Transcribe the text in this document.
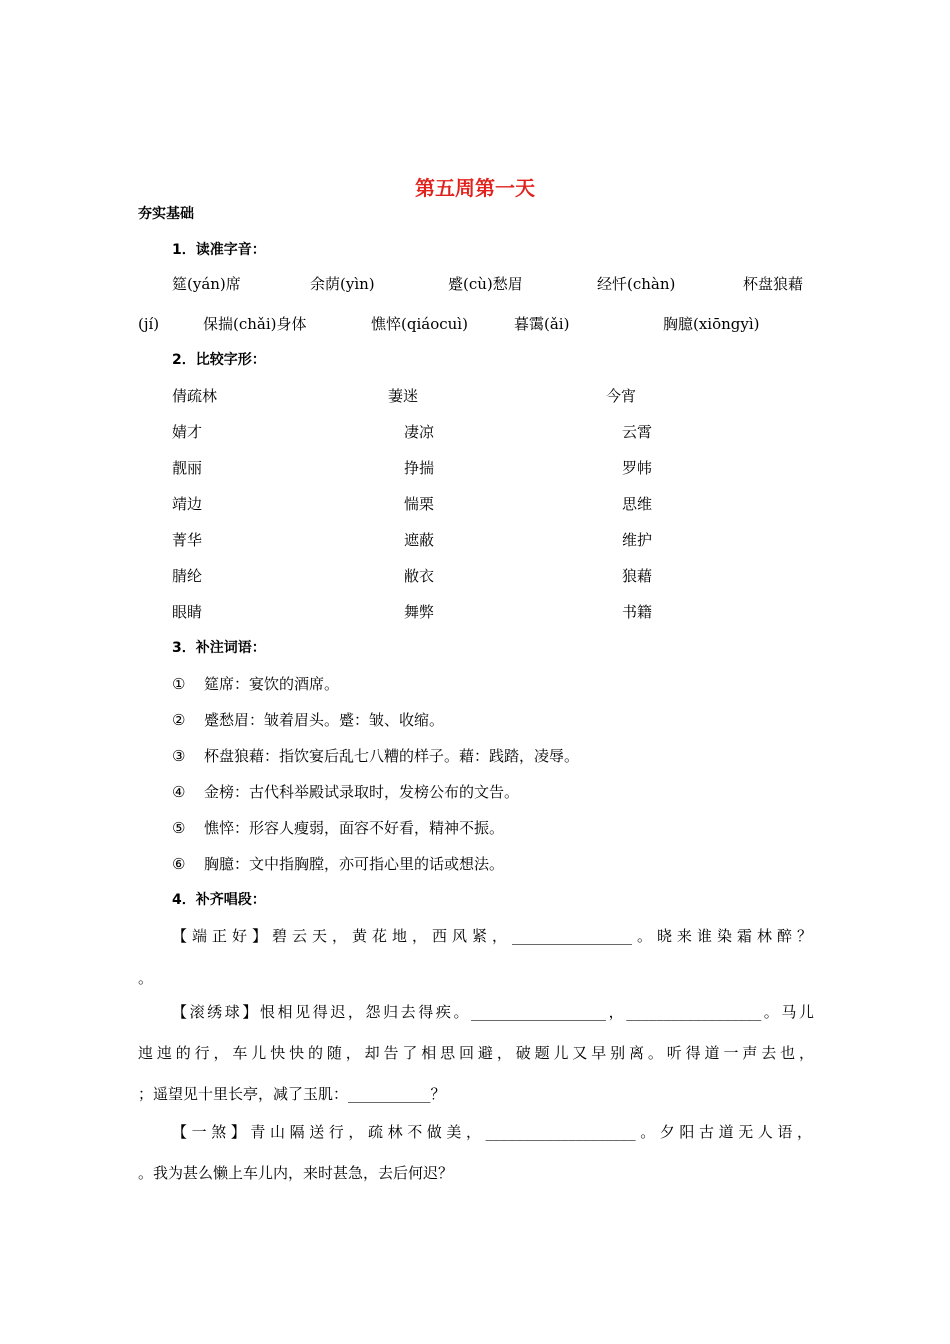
第五周第一天
夯实基础
1．读准字音：
筵(yán)席	余荫(yìn)	蹙(cù)愁眉	经忏(chàn)	杯盘狼藉
(jí)	保揣(chǎi)身体	憔悴(qiáocuì)	暮霭(ǎi)	胸臆(xiōngyì)
2．比较字形：
倩疏林	萋迷	今宵
婧才	凄凉	云霄
靓丽	挣揣	罗帏
靖边	惴栗	思维
菁华	遮蔽	维护
腈纶	敝衣	狼藉
眼睛	舞弊	书籍
3．补注词语：
① 筵席：宴饮的酒席。
② 蹙愁眉：皱着眉头。蹙：皱、收缩。
③ 杯盘狼藉：指饮宴后乱七八糟的样子。藉：践踏，凌辱。
④ 金榜：古代科举殿试录取时，发榜公布的文告。
⑤ 憔悴：形容人瘦弱，面容不好看，精神不振。
⑥ 胸臆：文中指胸膛，亦可指心里的话或想法。
4．补齐唱段：
【端正好】碧云天，黄花地，西风紧，________________。晓来谁染霜林醉？
。
【滚绣球】恨相见得迟，怨归去得疾。__________________，__________________。马儿
迍迍的行，车儿快快的随，却告了相思回避，破题儿又早别离。听得道一声去也，
；遥望见十里长亭，减了玉肌：___________？
【一煞】青山隔送行，疏林不做美，____________________。夕阳古道无人语，
。我为甚么懒上车儿内，来时甚急，去后何迟？
